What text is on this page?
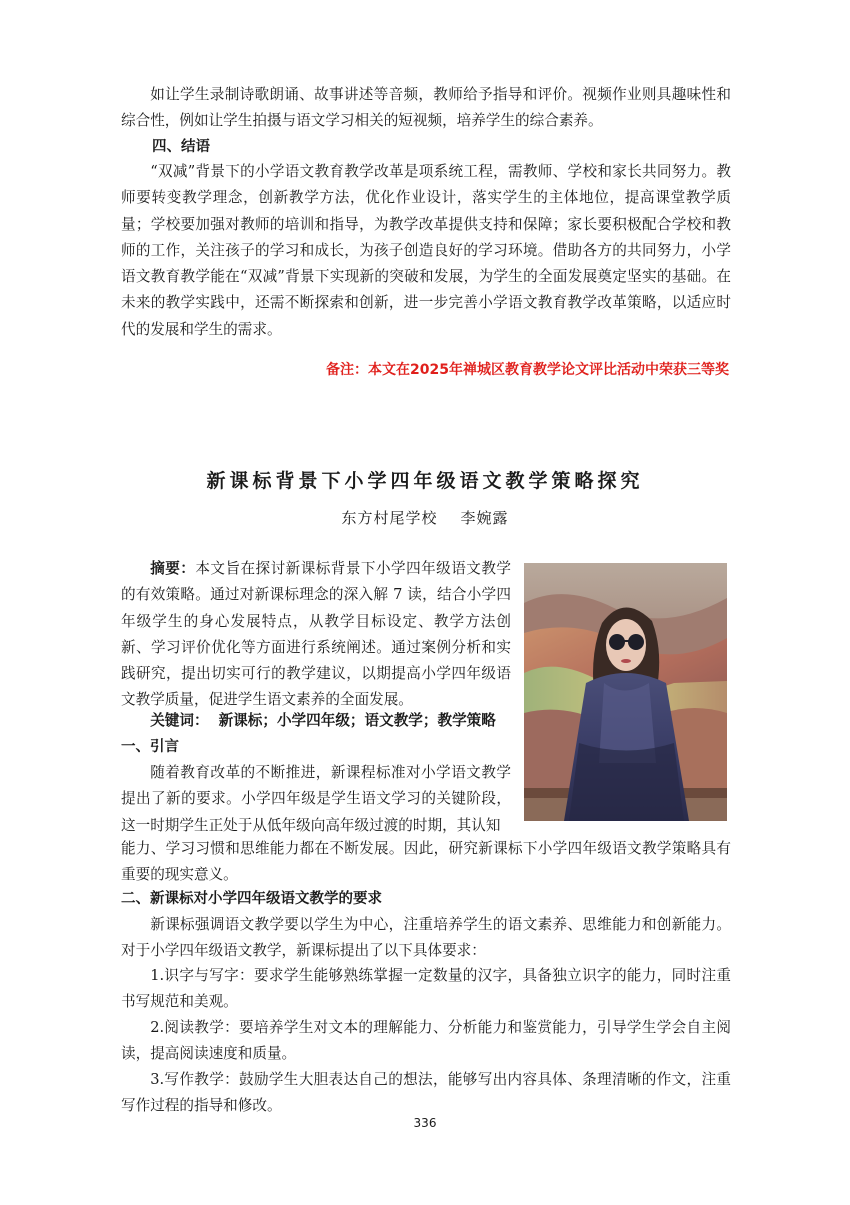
如让学生录制诗歌朗诵、故事讲述等音频，教师给予指导和评价。视频作业则具趣味性和综合性，例如让学生拍摄与语文学习相关的短视频，培养学生的综合素养。

四、结语

“双减”背景下的小学语文教育教学改革是项系统工程，需教师、学校和家长共同努力。教师要转变教学理念，创新教学方法，优化作业设计，落实学生的主体地位，提高课堂教学质量；学校要加强对教师的培训和指导，为教学改革提供支持和保障；家长要积极配合学校和教师的工作，关注孩子的学习和成长，为孩子创造良好的学习环境。借助各方的共同努力，小学语文教育教学能在“双减”背景下实现新的突破和发展，为学生的全面发展奠定坚实的基础。在未来的教学实践中，还需不断探索和创新，进一步完善小学语文教育教学改革策略，以适应时代的发展和学生的需求。

备注：本文在2025年禅城区教育教学论文评比活动中荣获三等奖
新课标背景下小学四年级语文教学策略探究
东方村尾学校    李婉露

摘要：本文旨在探讨新课标背景下小学四年级语文教学的有效策略。通过对新课标理念的深入解 7 读，结合小学四年级学生的身心发展特点，从教学目标设定、教学方法创新、学习评价优化等方面进行系统阐述。通过案例分析和实践研究，提出切实可行的教学建议，以期提高小学四年级语文教学质量，促进学生语文素养的全面发展。

关键词： 新课标；小学四年级；语文教学；教学策略

一、引言

随着教育改革的不断推进，新课程标准对小学语文教学提出了新的要求。小学四年级是学生语文学习的关键阶段，这一时期学生正处于从低年级向高年级过渡的时期，其认知

能力、学习习惯和思维能力都在不断发展。因此，研究新课标下小学四年级语文教学策略具有重要的现实意义。

二、新课标对小学四年级语文教学的要求

新课标强调语文教学要以学生为中心，注重培养学生的语文素养、思维能力和创新能力。对于小学四年级语文教学，新课标提出了以下具体要求：

1.识字与写字：要求学生能够熟练掌握一定数量的汉字，具备独立识字的能力，同时注重书写规范和美观。

2.阅读教学：要培养学生对文本的理解能力、分析能力和鉴赏能力，引导学生学会自主阅读，提高阅读速度和质量。

3.写作教学：鼓励学生大胆表达自己的想法，能够写出内容具体、条理清晰的作文，注重写作过程的指导和修改。

336
